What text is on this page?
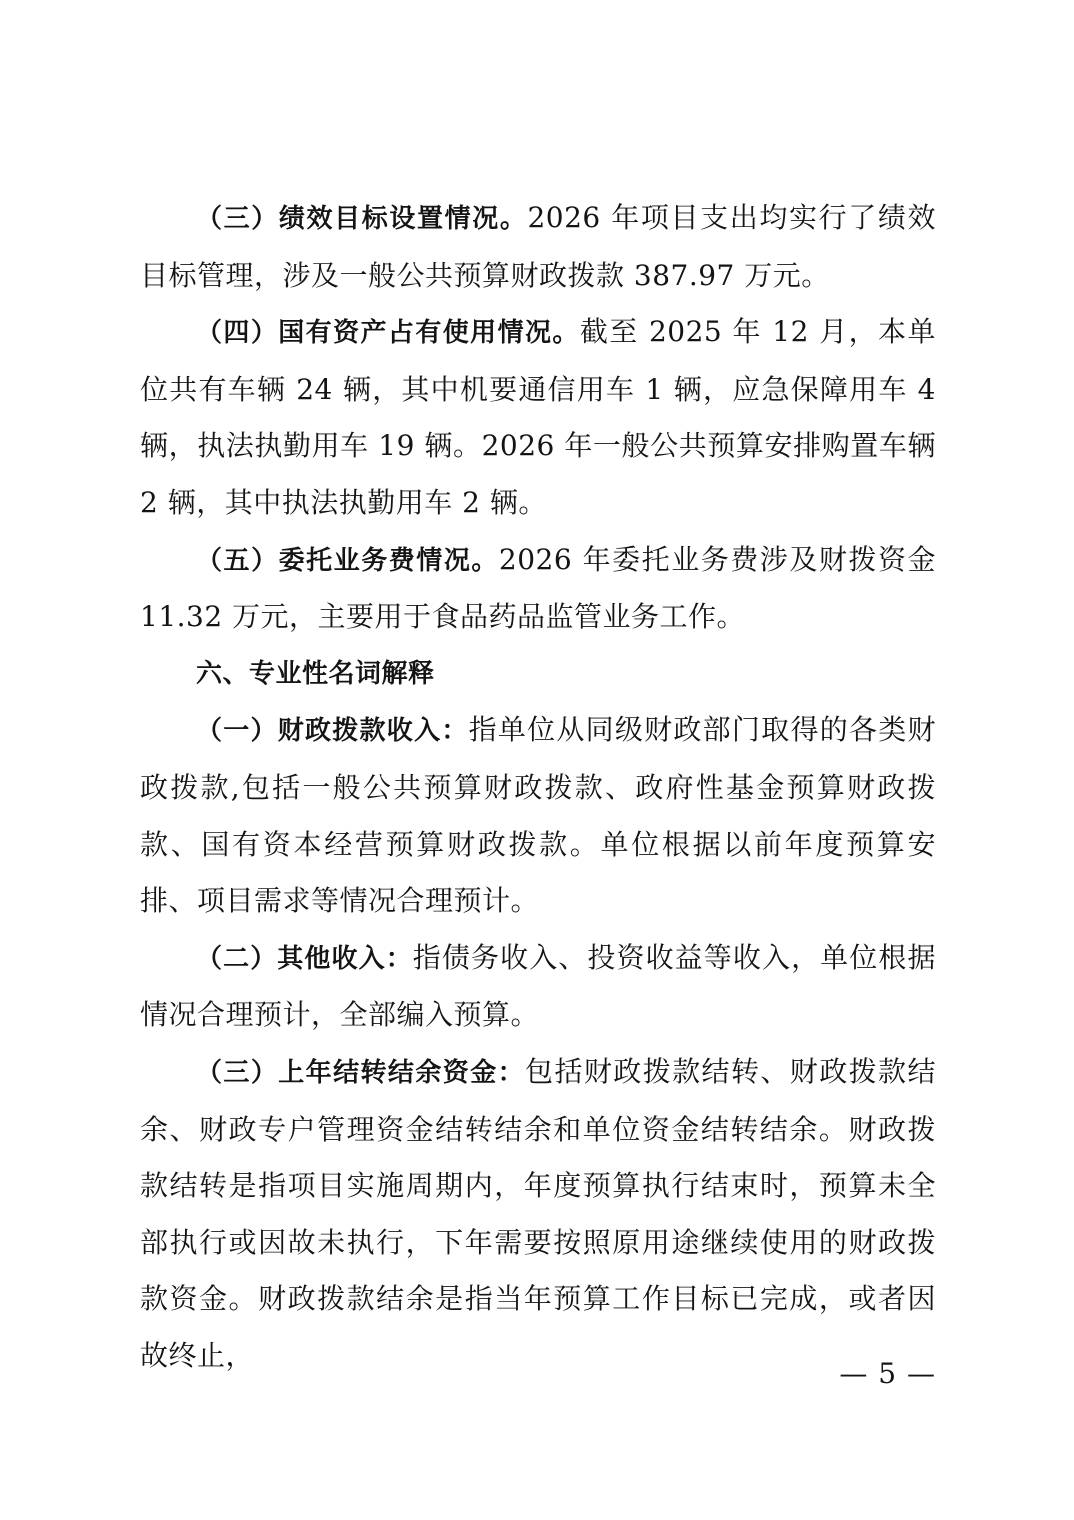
（三）绩效目标设置情况。2026 年项目支出均实行了绩效目标管理，涉及一般公共预算财政拨款 387.97 万元。

（四）国有资产占有使用情况。截至 2025 年 12 月，本单位共有车辆 24 辆，其中机要通信用车 1 辆，应急保障用车 4 辆，执法执勤用车 19 辆。2026 年一般公共预算安排购置车辆 2 辆，其中执法执勤用车 2 辆。

（五）委托业务费情况。2026 年委托业务费涉及财拨资金 11.32 万元，主要用于食品药品监管业务工作。

六、专业性名词解释

（一）财政拨款收入：指单位从同级财政部门取得的各类财政拨款,包括一般公共预算财政拨款、政府性基金预算财政拨款、国有资本经营预算财政拨款。单位根据以前年度预算安排、项目需求等情况合理预计。

（二）其他收入：指债务收入、投资收益等收入，单位根据情况合理预计，全部编入预算。

（三）上年结转结余资金：包括财政拨款结转、财政拨款结余、财政专户管理资金结转结余和单位资金结转结余。财政拨款结转是指项目实施周期内，年度预算执行结束时，预算未全部执行或因故未执行，下年需要按照原用途继续使用的财政拨款资金。财政拨款结余是指当年预算工作目标已完成，或者因故终止，

— 5 —
